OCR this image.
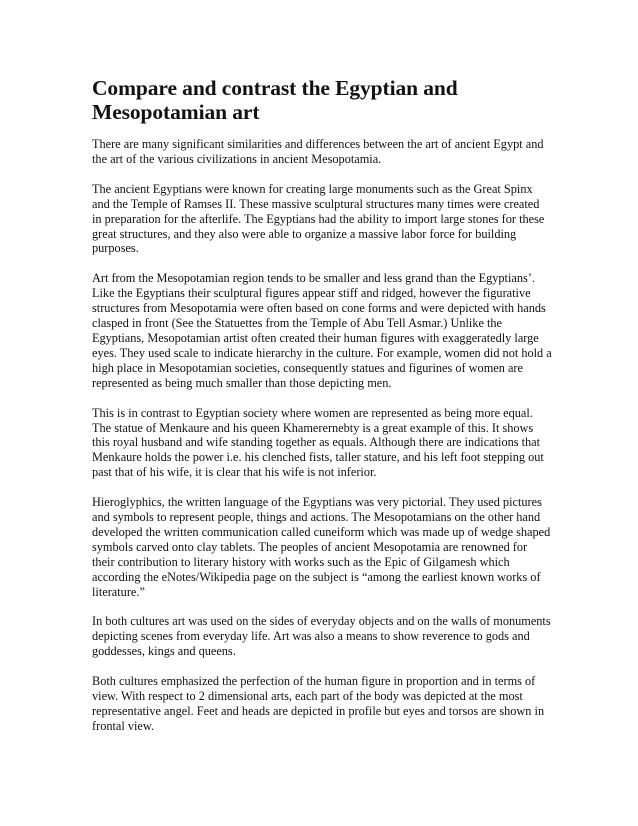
Compare and contrast the Egyptian and Mesopotamian art

There are many significant similarities and differences between the art of ancient Egypt and the art of the various civilizations in ancient Mesopotamia.

The ancient Egyptians were known for creating large monuments such as the Great Spinx and the Temple of Ramses II. These massive sculptural structures many times were created in preparation for the afterlife. The Egyptians had the ability to import large stones for these great structures, and they also were able to organize a massive labor force for building purposes.

Art from the Mesopotamian region tends to be smaller and less grand than the Egyptians’. Like the Egyptians their sculptural figures appear stiff and ridged, however the figurative structures from Mesopotamia were often based on cone forms and were depicted with hands clasped in front (See the Statuettes from the Temple of Abu Tell Asmar.) Unlike the Egyptians, Mesopotamian artist often created their human figures with exaggeratedly large eyes. They used scale to indicate hierarchy in the culture. For example, women did not hold a high place in Mesopotamian societies, consequently statues and figurines of women are represented as being much smaller than those depicting men.

This is in contrast to Egyptian society where women are represented as being more equal. The statue of Menkaure and his queen Khamerernebty is a great example of this. It shows this royal husband and wife standing together as equals. Although there are indications that Menkaure holds the power i.e. his clenched fists, taller stature, and his left foot stepping out past that of his wife, it is clear that his wife is not inferior.

Hieroglyphics, the written language of the Egyptians was very pictorial. They used pictures and symbols to represent people, things and actions. The Mesopotamians on the other hand developed the written communication called cuneiform which was made up of wedge shaped symbols carved onto clay tablets. The peoples of ancient Mesopotamia are renowned for their contribution to literary history with works such as the Epic of Gilgamesh which according the eNotes/Wikipedia page on the subject is “among the earliest known works of literature.”

In both cultures art was used on the sides of everyday objects and on the walls of monuments depicting scenes from everyday life. Art was also a means to show reverence to gods and goddesses, kings and queens.

Both cultures emphasized the perfection of the human figure in proportion and in terms of view. With respect to 2 dimensional arts, each part of the body was depicted at the most representative angel. Feet and heads are depicted in profile but eyes and torsos are shown in frontal view.
